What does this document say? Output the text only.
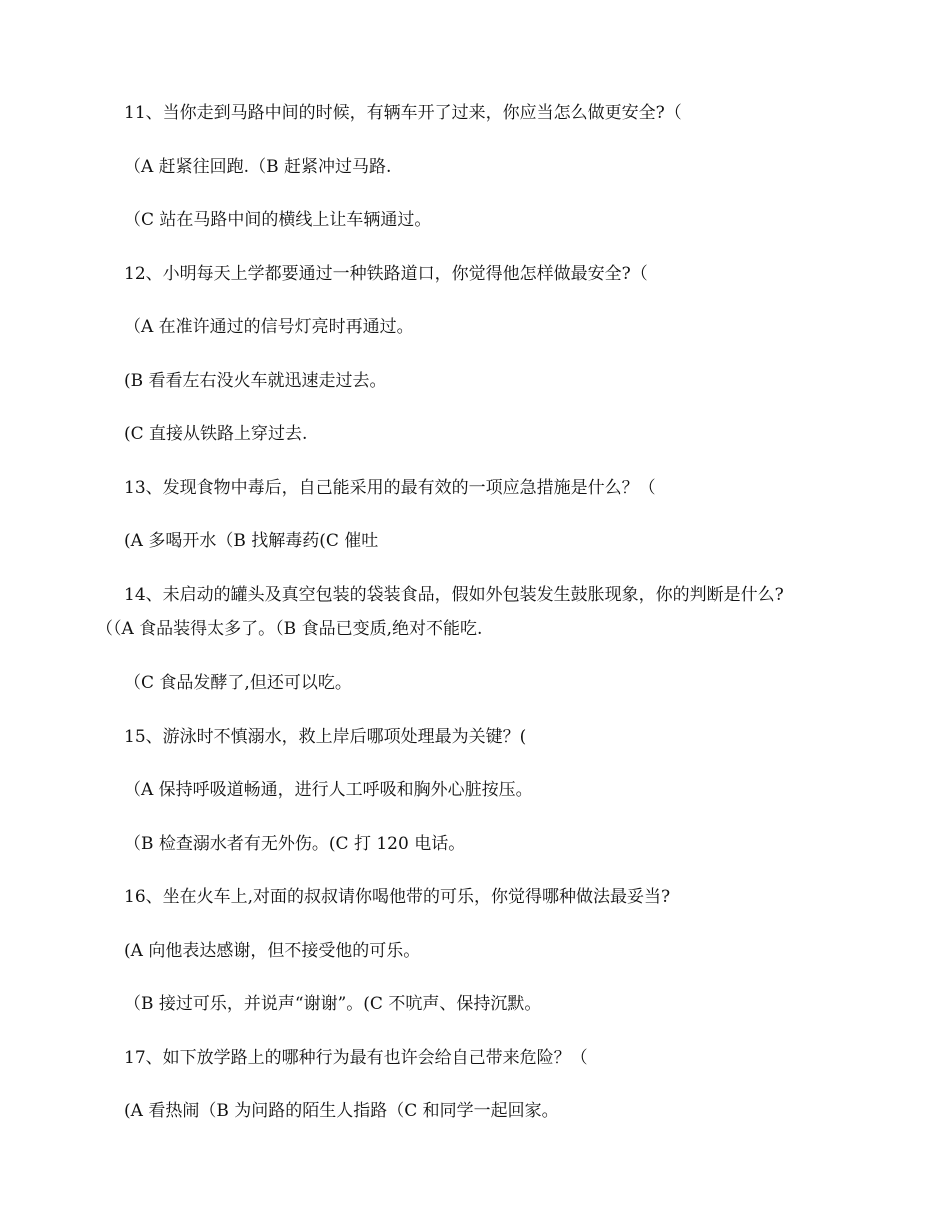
11、当你走到马路中间的时候，有辆车开了过来，你应当怎么做更安全?（
（A 赶紧往回跑.（B 赶紧冲过马路.
（C 站在马路中间的横线上让车辆通过。
12、小明每天上学都要通过一种铁路道口，你觉得他怎样做最安全?（
（A 在准许通过的信号灯亮时再通过。
(B 看看左右没火车就迅速走过去。
(C 直接从铁路上穿过去.
13、发现食物中毒后，自己能采用的最有效的一项应急措施是什么？（
(A 多喝开水（B 找解毒药(C 催吐
14、未启动的罐头及真空包装的袋装食品，假如外包装发生鼓胀现象，你的判断是什么?
（（A 食品装得太多了。（B 食品已变质,绝对不能吃.
（C 食品发酵了,但还可以吃。
15、游泳时不慎溺水，救上岸后哪项处理最为关键？(
（A 保持呼吸道畅通，进行人工呼吸和胸外心脏按压。
（B 检查溺水者有无外伤。(C 打 120 电话。
16、坐在火车上,对面的叔叔请你喝他带的可乐，你觉得哪种做法最妥当?
(A 向他表达感谢，但不接受他的可乐。
（B 接过可乐，并说声“谢谢”。(C 不吭声、保持沉默。
17、如下放学路上的哪种行为最有也许会给自己带来危险？（
(A 看热闹（B 为问路的陌生人指路（C 和同学一起回家。
